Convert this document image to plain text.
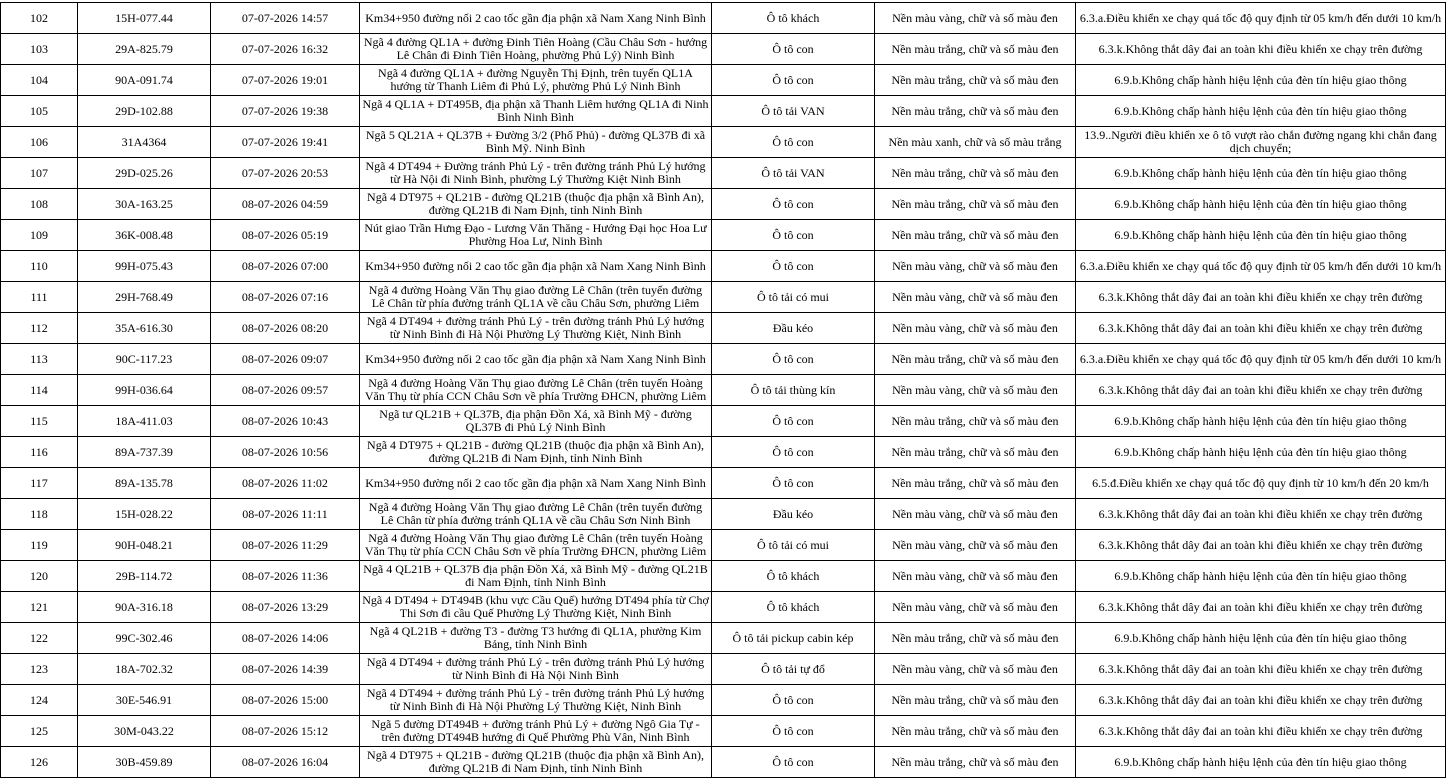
102	15H-077.44	07-07-2026 14:57	Km34+950 đường nối 2 cao tốc gần địa phận xã Nam Xang Ninh Bình	Ô tô khách	Nền màu vàng, chữ và số màu đen	6.3.a.Điều khiển xe chạy quá tốc độ quy định từ 05 km/h đến dưới 10 km/h
103	29A-825.79	07-07-2026 16:32	Ngã 4 đường QL1A + đường Đinh Tiên Hoàng (Cầu Châu Sơn - hướng Lê Chân đi Đinh Tiên Hoàng, phường Phủ Lý) Ninh Bình	Ô tô con	Nền màu trắng, chữ và số màu đen	6.3.k.Không thắt dây đai an toàn khi điều khiển xe chạy trên đường
104	90A-091.74	07-07-2026 19:01	Ngã 4 đường QL1A + đường Nguyễn Thị Định, trên tuyến QL1A hướng từ Thanh Liêm đi Phủ Lý, phường Phủ Lý Ninh Bình	Ô tô con	Nền màu trắng, chữ và số màu đen	6.9.b.Không chấp hành hiệu lệnh của đèn tín hiệu giao thông
105	29D-102.88	07-07-2026 19:38	Ngã 4 QL1A + DT495B, địa phận xã Thanh Liêm hướng QL1A đi Ninh Bình Ninh Bình	Ô tô tải VAN	Nền màu trắng, chữ và số màu đen	6.9.b.Không chấp hành hiệu lệnh của đèn tín hiệu giao thông
106	31A4364	07-07-2026 19:41	Ngã 5 QL21A + QL37B + Đường 3/2 (Phố Phủ) - đường QL37B đi xã Bình Mỹ. Ninh Bình	Ô tô con	Nền màu xanh, chữ và số màu trắng	13.9..Người điều khiển xe ô tô vượt rào chắn đường ngang khi chắn đang dịch chuyển;
107	29D-025.26	07-07-2026 20:53	Ngã 4 DT494 + Đường tránh Phủ Lý - trên đường tránh Phủ Lý hướng từ Hà Nội đi Ninh Bình, phường Lý Thường Kiệt Ninh Bình	Ô tô tải VAN	Nền màu trắng, chữ và số màu đen	6.9.b.Không chấp hành hiệu lệnh của đèn tín hiệu giao thông
108	30A-163.25	08-07-2026 04:59	Ngã 4 DT975 + QL21B - đường QL21B (thuộc địa phận xã Bình An), đường QL21B đi Nam Định, tỉnh Ninh Bình	Ô tô con	Nền màu trắng, chữ và số màu đen	6.9.b.Không chấp hành hiệu lệnh của đèn tín hiệu giao thông
109	36K-008.48	08-07-2026 05:19	Nút giao Trần Hưng Đạo - Lương Văn Thăng - Hướng Đại học Hoa Lư Phường Hoa Lư, Ninh Bình	Ô tô con	Nền màu trắng, chữ và số màu đen	6.9.b.Không chấp hành hiệu lệnh của đèn tín hiệu giao thông
110	99H-075.43	08-07-2026 07:00	Km34+950 đường nối 2 cao tốc gần địa phận xã Nam Xang Ninh Bình	Ô tô con	Nền màu vàng, chữ và số màu đen	6.3.a.Điều khiển xe chạy quá tốc độ quy định từ 05 km/h đến dưới 10 km/h
111	29H-768.49	08-07-2026 07:16	Ngã 4 đường Hoàng Văn Thụ giao đường Lê Chân (trên tuyến đường Lê Chân từ phía đường tránh QL1A về cầu Châu Sơn, phường Liêm	Ô tô tải có mui	Nền màu vàng, chữ và số màu đen	6.3.k.Không thắt dây đai an toàn khi điều khiển xe chạy trên đường
112	35A-616.30	08-07-2026 08:20	Ngã 4 DT494 + đường tránh Phủ Lý - trên đường tránh Phủ Lý hướng từ Ninh Bình đi Hà Nội Phường Lý Thường Kiệt, Ninh Bình	Đầu kéo	Nền màu vàng, chữ và số màu đen	6.3.k.Không thắt dây đai an toàn khi điều khiển xe chạy trên đường
113	90C-117.23	08-07-2026 09:07	Km34+950 đường nối 2 cao tốc gần địa phận xã Nam Xang Ninh Bình	Ô tô con	Nền màu trắng, chữ và số màu đen	6.3.a.Điều khiển xe chạy quá tốc độ quy định từ 05 km/h đến dưới 10 km/h
114	99H-036.64	08-07-2026 09:57	Ngã 4 đường Hoàng Văn Thụ giao đường Lê Chân (trên tuyến Hoàng Văn Thụ từ phía CCN Châu Sơn về phía Trường ĐHCN, phường Liêm	Ô tô tải thùng kín	Nền màu vàng, chữ và số màu đen	6.3.k.Không thắt dây đai an toàn khi điều khiển xe chạy trên đường
115	18A-411.03	08-07-2026 10:43	Ngã tư QL21B + QL37B, địa phận Đồn Xá, xã Bình Mỹ - đường QL37B đi Phủ Lý Ninh Bình	Ô tô con	Nền màu trắng, chữ và số màu đen	6.9.b.Không chấp hành hiệu lệnh của đèn tín hiệu giao thông
116	89A-737.39	08-07-2026 10:56	Ngã 4 DT975 + QL21B - đường QL21B (thuộc địa phận xã Bình An), đường QL21B đi Nam Định, tỉnh Ninh Bình	Ô tô con	Nền màu trắng, chữ và số màu đen	6.9.b.Không chấp hành hiệu lệnh của đèn tín hiệu giao thông
117	89A-135.78	08-07-2026 11:02	Km34+950 đường nối 2 cao tốc gần địa phận xã Nam Xang Ninh Bình	Ô tô con	Nền màu trắng, chữ và số màu đen	6.5.đ.Điều khiển xe chạy quá tốc độ quy định từ 10 km/h đến 20 km/h
118	15H-028.22	08-07-2026 11:11	Ngã 4 đường Hoàng Văn Thụ giao đường Lê Chân (trên tuyến đường Lê Chân từ phía đường tránh QL1A về cầu Châu Sơn Ninh Bình	Đầu kéo	Nền màu vàng, chữ và số màu đen	6.3.k.Không thắt dây đai an toàn khi điều khiển xe chạy trên đường
119	90H-048.21	08-07-2026 11:29	Ngã 4 đường Hoàng Văn Thụ giao đường Lê Chân (trên tuyến Hoàng Văn Thụ từ phía CCN Châu Sơn về phía Trường ĐHCN, phường Liêm	Ô tô tải có mui	Nền màu vàng, chữ và số màu đen	6.3.k.Không thắt dây đai an toàn khi điều khiển xe chạy trên đường
120	29B-114.72	08-07-2026 11:36	Ngã 4 QL21B + QL37B địa phận Đồn Xá, xã Bình Mỹ - đường QL21B đi Nam Định, tỉnh Ninh Bình	Ô tô khách	Nền màu vàng, chữ và số màu đen	6.9.b.Không chấp hành hiệu lệnh của đèn tín hiệu giao thông
121	90A-316.18	08-07-2026 13:29	Ngã 4 DT494 + DT494B (khu vực Cầu Quế) hướng DT494 phía từ Chợ Thi Sơn đi cầu Quế Phường Lý Thường Kiệt, Ninh Bình	Ô tô khách	Nền màu vàng, chữ và số màu đen	6.3.k.Không thắt dây đai an toàn khi điều khiển xe chạy trên đường
122	99C-302.46	08-07-2026 14:06	Ngã 4 QL21B + đường T3 - đường T3 hướng đi QL1A, phường Kim Bảng, tỉnh Ninh Bình	Ô tô tải pickup cabin kép	Nền màu trắng, chữ và số màu đen	6.9.b.Không chấp hành hiệu lệnh của đèn tín hiệu giao thông
123	18A-702.32	08-07-2026 14:39	Ngã 4 DT494 + đường tránh Phủ Lý - trên đường tránh Phủ Lý hướng từ Ninh Bình đi Hà Nội Ninh Bình	Ô tô tải tự đổ	Nền màu vàng, chữ và số màu đen	6.3.k.Không thắt dây đai an toàn khi điều khiển xe chạy trên đường
124	30E-546.91	08-07-2026 15:00	Ngã 4 DT494 + đường tránh Phủ Lý - trên đường tránh Phủ Lý hướng từ Ninh Bình đi Hà Nội Phường Lý Thường Kiệt, Ninh Bình	Ô tô con	Nền màu trắng, chữ và số màu đen	6.3.k.Không thắt dây đai an toàn khi điều khiển xe chạy trên đường
125	30M-043.22	08-07-2026 15:12	Ngã 5 đường DT494B + đường tránh Phủ Lý + đường Ngô Gia Tự - trên đường DT494B hướng đi Quế Phường Phù Vân, Ninh Bình	Ô tô con	Nền màu trắng, chữ và số màu đen	6.3.k.Không thắt dây đai an toàn khi điều khiển xe chạy trên đường
126	30B-459.89	08-07-2026 16:04	Ngã 4 DT975 + QL21B - đường QL21B (thuộc địa phận xã Bình An), đường QL21B đi Nam Định, tỉnh Ninh Bình	Ô tô con	Nền màu trắng, chữ và số màu đen	6.9.b.Không chấp hành hiệu lệnh của đèn tín hiệu giao thông
